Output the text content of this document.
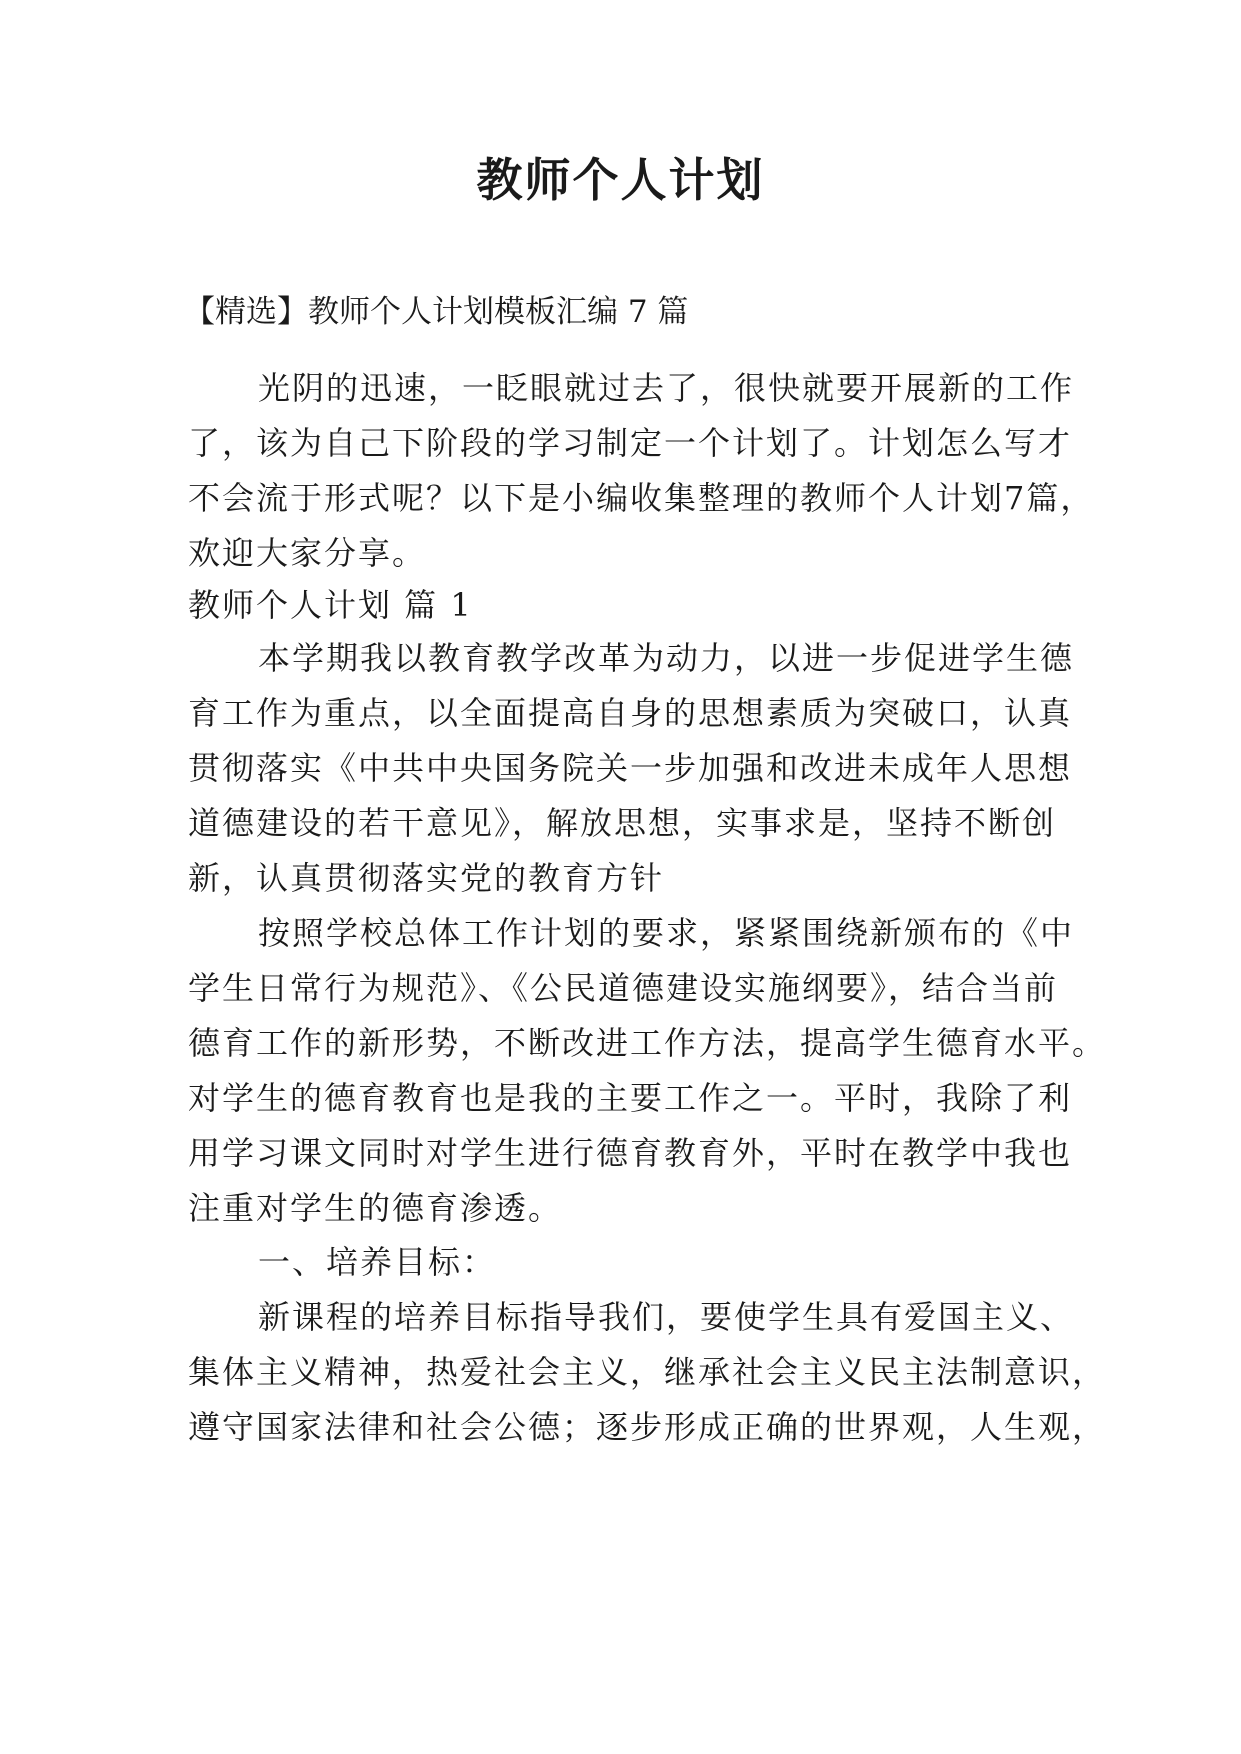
教师个人计划

【精选】教师个人计划模板汇编 7 篇

光阴的迅速，一眨眼就过去了，很快就要开展新的工作

了，该为自己下阶段的学习制定一个计划了。计划怎么写才

不会流于形式呢？以下是小编收集整理的教师个人计划7篇，

欢迎大家分享。

教师个人计划 篇 1

本学期我以教育教学改革为动力，以进一步促进学生德

育工作为重点，以全面提高自身的思想素质为突破口，认真

贯彻落实《中共中央国务院关一步加强和改进未成年人思想

道德建设的若干意见》，解放思想，实事求是，坚持不断创

新，认真贯彻落实党的教育方针

按照学校总体工作计划的要求，紧紧围绕新颁布的《中

学生日常行为规范》、《公民道德建设实施纲要》，结合当前

德育工作的新形势，不断改进工作方法，提高学生德育水平。

对学生的德育教育也是我的主要工作之一。平时，我除了利

用学习课文同时对学生进行德育教育外，平时在教学中我也

注重对学生的德育渗透。

一、培养目标：

新课程的培养目标指导我们，要使学生具有爱国主义、

集体主义精神，热爱社会主义，继承社会主义民主法制意识，

遵守国家法律和社会公德；逐步形成正确的世界观，人生观，
